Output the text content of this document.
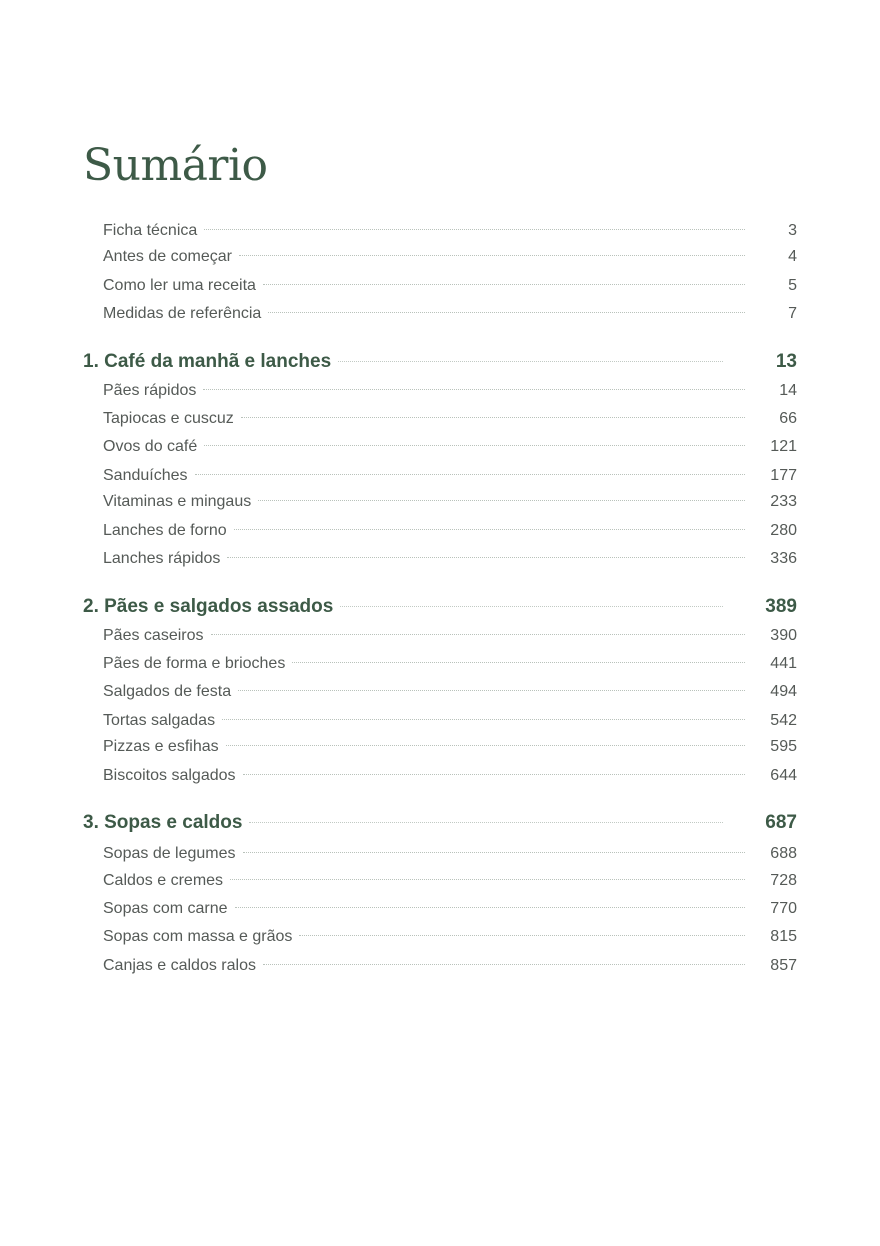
Sumário
Ficha técnica	3
Antes de começar	4
Como ler uma receita	5
Medidas de referência	7
1. Café da manhã e lanches	13
Pães rápidos	14
Tapiocas e cuscuz	66
Ovos do café	121
Sanduíches	177
Vitaminas e mingaus	233
Lanches de forno	280
Lanches rápidos	336
2. Pães e salgados assados	389
Pães caseiros	390
Pães de forma e brioches	441
Salgados de festa	494
Tortas salgadas	542
Pizzas e esfihas	595
Biscoitos salgados	644
3. Sopas e caldos	687
Sopas de legumes	688
Caldos e cremes	728
Sopas com carne	770
Sopas com massa e grãos	815
Canjas e caldos ralos	857
